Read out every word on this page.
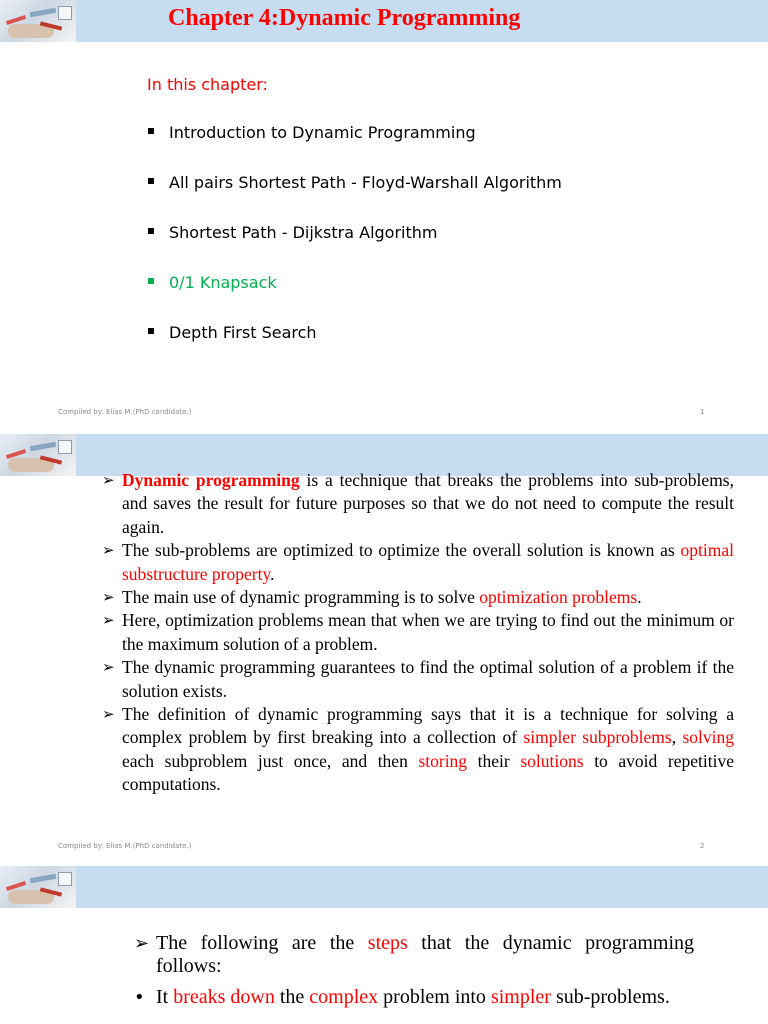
Chapter 4:Dynamic Programming
In this chapter:
Introduction to Dynamic Programming
All pairs Shortest Path - Floyd-Warshall Algorithm
Shortest Path - Dijkstra Algorithm
0/1 Knapsack
Depth First Search
Compiled by: Elias M.(PhD candidate.)	1
➢ Dynamic programming is a technique that breaks the problems into sub-problems, and saves the result for future purposes so that we do not need to compute the result again.
➢ The sub-problems are optimized to optimize the overall solution is known as optimal substructure property.
➢ The main use of dynamic programming is to solve optimization problems.
➢ Here, optimization problems mean that when we are trying to find out the minimum or the maximum solution of a problem.
➢ The dynamic programming guarantees to find the optimal solution of a problem if the solution exists.
➢ The definition of dynamic programming says that it is a technique for solving a complex problem by first breaking into a collection of simpler subproblems, solving each subproblem just once, and then storing their solutions to avoid repetitive computations.
Compiled by: Elias M.(PhD candidate.)	2
➢ The following are the steps that the dynamic programming follows:
• It breaks down the complex problem into simpler sub-problems.
